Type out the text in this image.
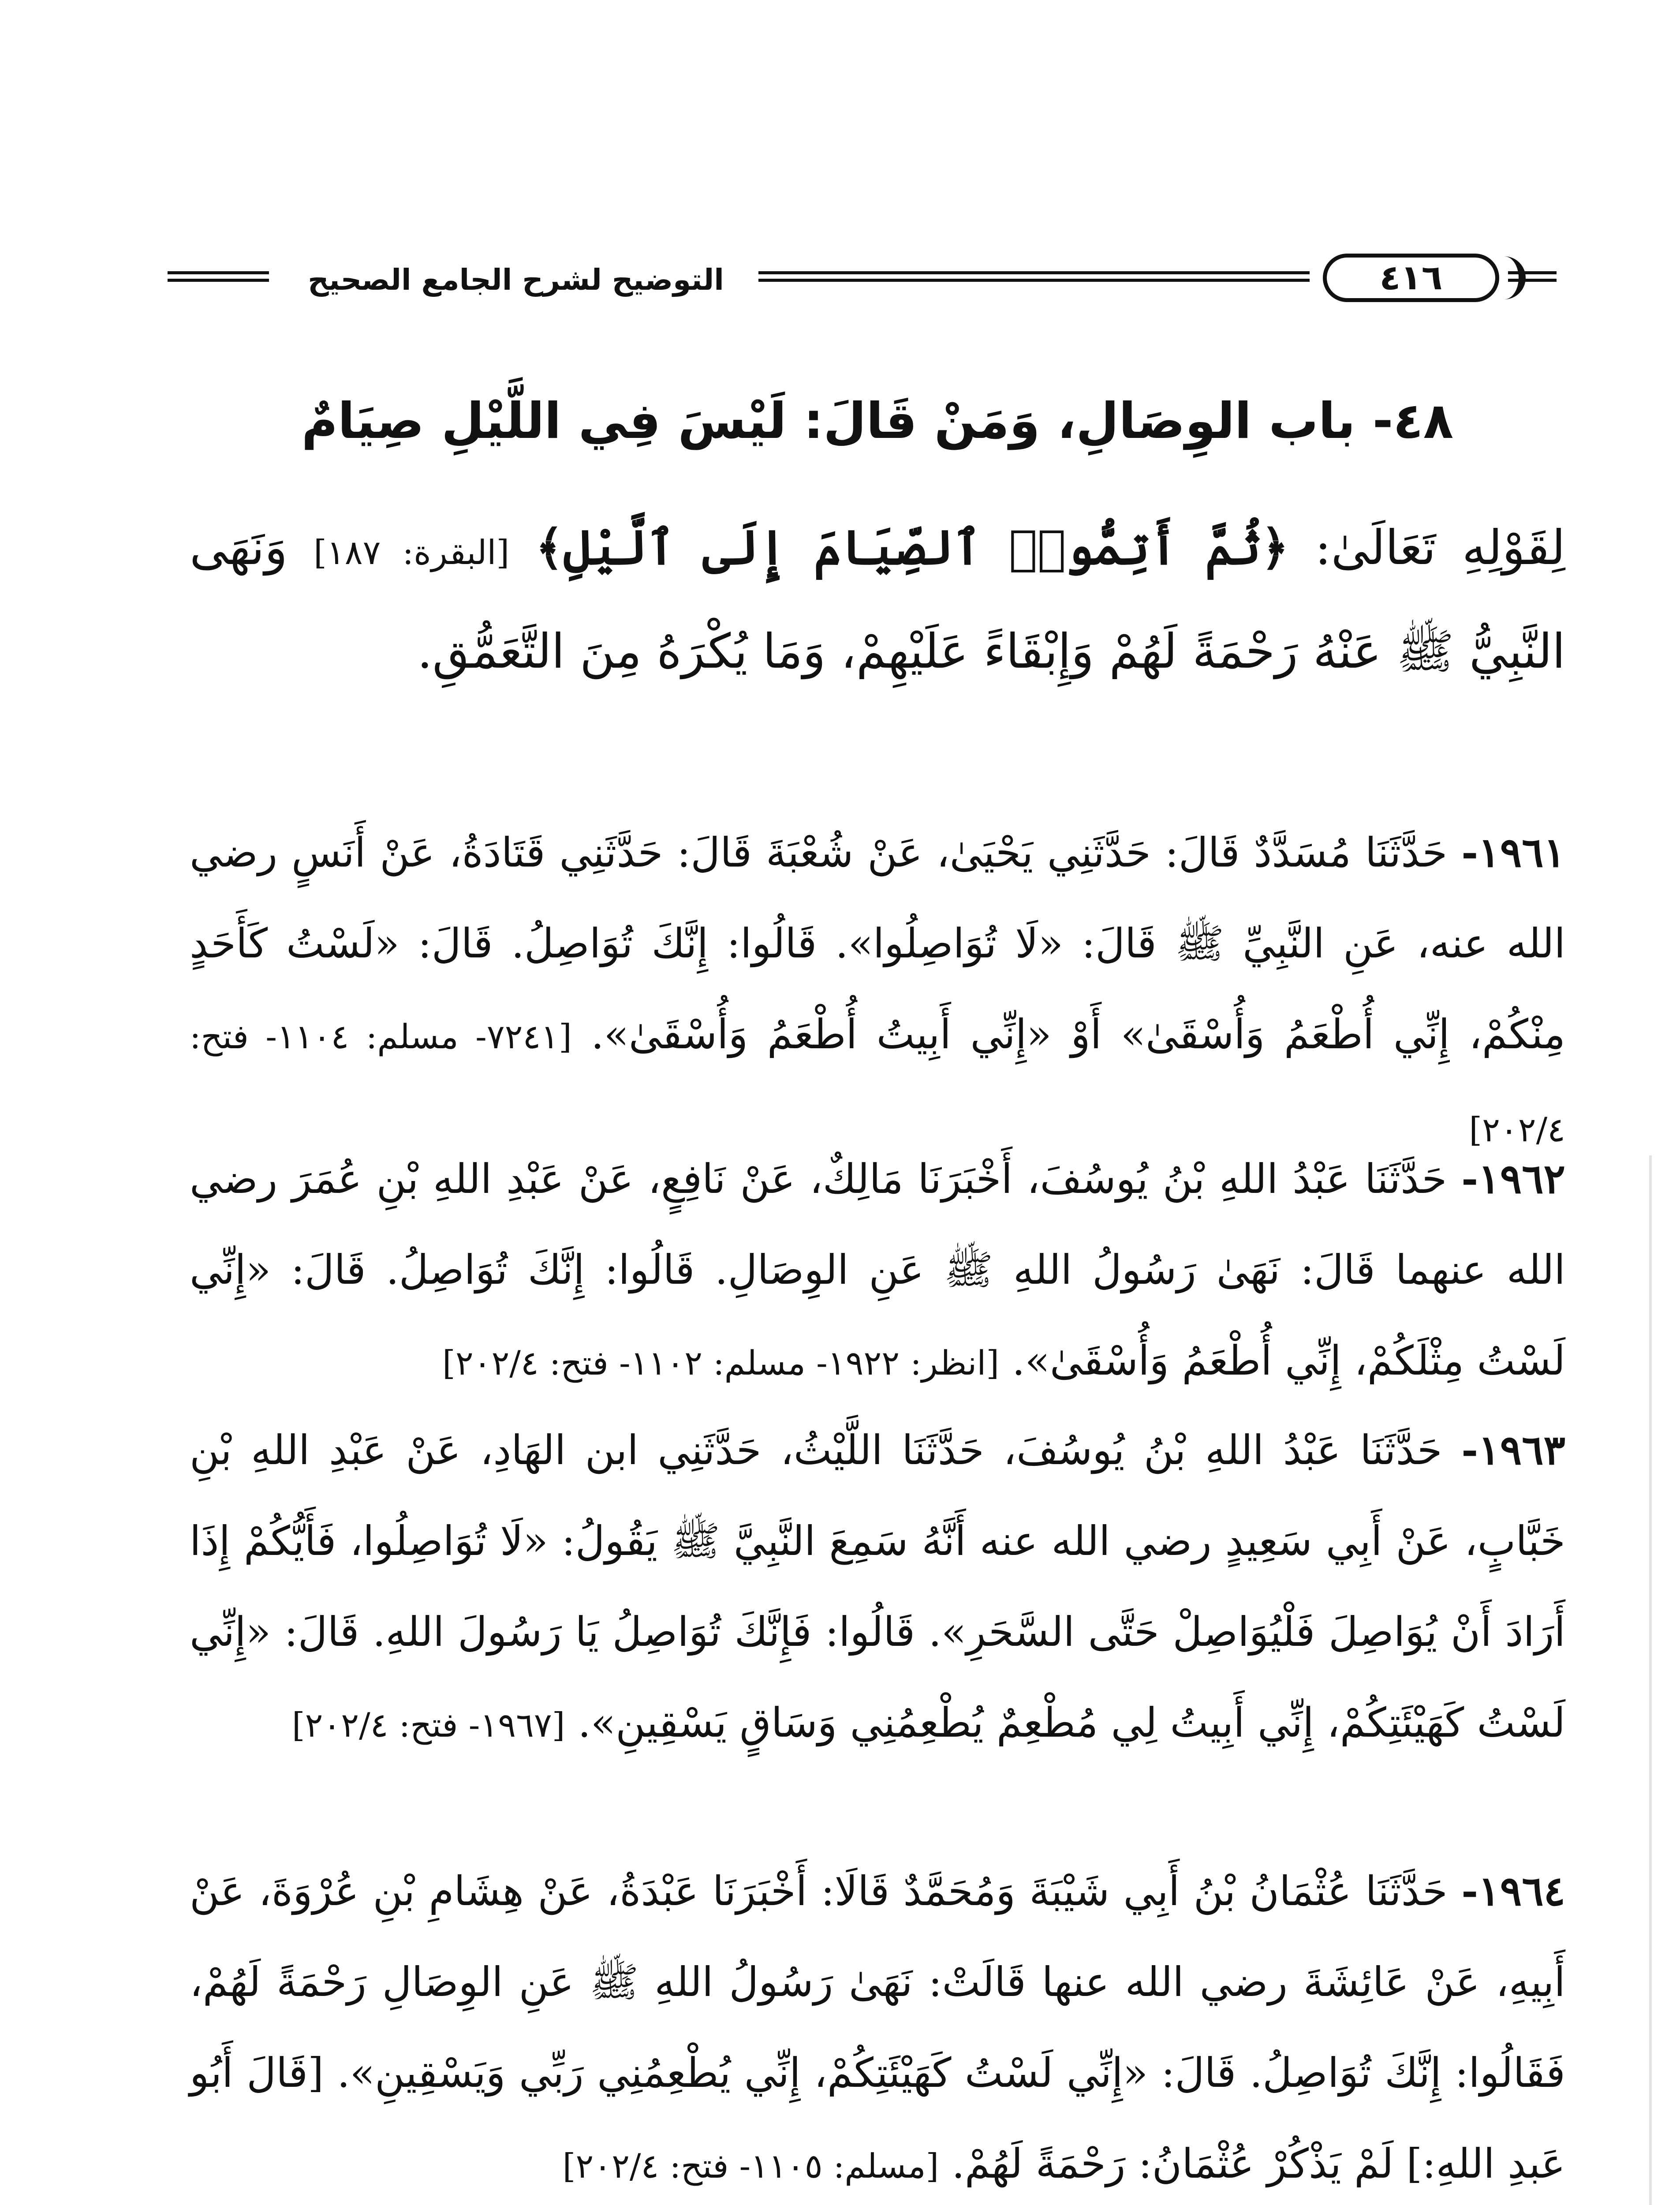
التوضيح لشرح الجامع الصحيح	٤١٦
٤٨- باب الوِصَالِ، وَمَنْ قَالَ: لَيْسَ فِي اللَّيْلِ صِيَامٌ

لِقَوْلِهِ تَعَالَىٰ: ﴿ثُمَّ أَتِمُّوا۟ ٱلصِّيَامَ إِلَى ٱلَّيْلِ﴾ [البقرة: ١٨٧] وَنَهَى النَّبِيُّ ﷺ عَنْهُ رَحْمَةً لَهُمْ وَإِبْقَاءً عَلَيْهِمْ، وَمَا يُكْرَهُ مِنَ التَّعَمُّقِ.

١٩٦١- حَدَّثَنَا مُسَدَّدٌ قَالَ: حَدَّثَنِي يَحْيَىٰ، عَنْ شُعْبَةَ قَالَ: حَدَّثَنِي قَتَادَةُ، عَنْ أَنَسٍ رضي الله عنه، عَنِ النَّبِيِّ ﷺ قَالَ: «لَا تُوَاصِلُوا». قَالُوا: إِنَّكَ تُوَاصِلُ. قَالَ: «لَسْتُ كَأَحَدٍ مِنْكُمْ، إِنِّي أُطْعَمُ وَأُسْقَىٰ» أَوْ «إِنِّي أَبِيتُ أُطْعَمُ وَأُسْقَىٰ». [٧٢٤١- مسلم: ١١٠٤- فتح: ٢٠٢/٤]

١٩٦٢- حَدَّثَنَا عَبْدُ اللهِ بْنُ يُوسُفَ، أَخْبَرَنَا مَالِكٌ، عَنْ نَافِعٍ، عَنْ عَبْدِ اللهِ بْنِ عُمَرَ رضي الله عنهما قَالَ: نَهَىٰ رَسُولُ اللهِ ﷺ عَنِ الوِصَالِ. قَالُوا: إِنَّكَ تُوَاصِلُ. قَالَ: «إِنِّي لَسْتُ مِثْلَكُمْ، إِنِّي أُطْعَمُ وَأُسْقَىٰ». [انظر: ١٩٢٢- مسلم: ١١٠٢- فتح: ٢٠٢/٤]

١٩٦٣- حَدَّثَنَا عَبْدُ اللهِ بْنُ يُوسُفَ، حَدَّثَنَا اللَّيْثُ، حَدَّثَنِي ابن الهَادِ، عَنْ عَبْدِ اللهِ بْنِ خَبَّابٍ، عَنْ أَبِي سَعِيدٍ رضي الله عنه أَنَّهُ سَمِعَ النَّبِيَّ ﷺ يَقُولُ: «لَا تُوَاصِلُوا، فَأَيُّكُمْ إِذَا أَرَادَ أَنْ يُوَاصِلَ فَلْيُوَاصِلْ حَتَّى السَّحَرِ». قَالُوا: فَإِنَّكَ تُوَاصِلُ يَا رَسُولَ اللهِ. قَالَ: «إِنِّي لَسْتُ كَهَيْئَتِكُمْ، إِنِّي أَبِيتُ لِي مُطْعِمٌ يُطْعِمُنِي وَسَاقٍ يَسْقِينِ». [١٩٦٧- فتح: ٢٠٢/٤]

١٩٦٤- حَدَّثَنَا عُثْمَانُ بْنُ أَبِي شَيْبَةَ وَمُحَمَّدٌ قَالَا: أَخْبَرَنَا عَبْدَةُ، عَنْ هِشَامِ بْنِ عُرْوَةَ، عَنْ أَبِيهِ، عَنْ عَائِشَةَ رضي الله عنها قَالَتْ: نَهَىٰ رَسُولُ اللهِ ﷺ عَنِ الوِصَالِ رَحْمَةً لَهُمْ، فَقَالُوا: إِنَّكَ تُوَاصِلُ. قَالَ: «إِنِّي لَسْتُ كَهَيْئَتِكُمْ، إِنِّي يُطْعِمُنِي رَبِّي وَيَسْقِينِ». [قَالَ أَبُو عَبدِ اللهِ:] لَمْ يَذْكُرْ عُثْمَانُ: رَحْمَةً لَهُمْ. [مسلم: ١١٠٥- فتح: ٢٠٢/٤]
